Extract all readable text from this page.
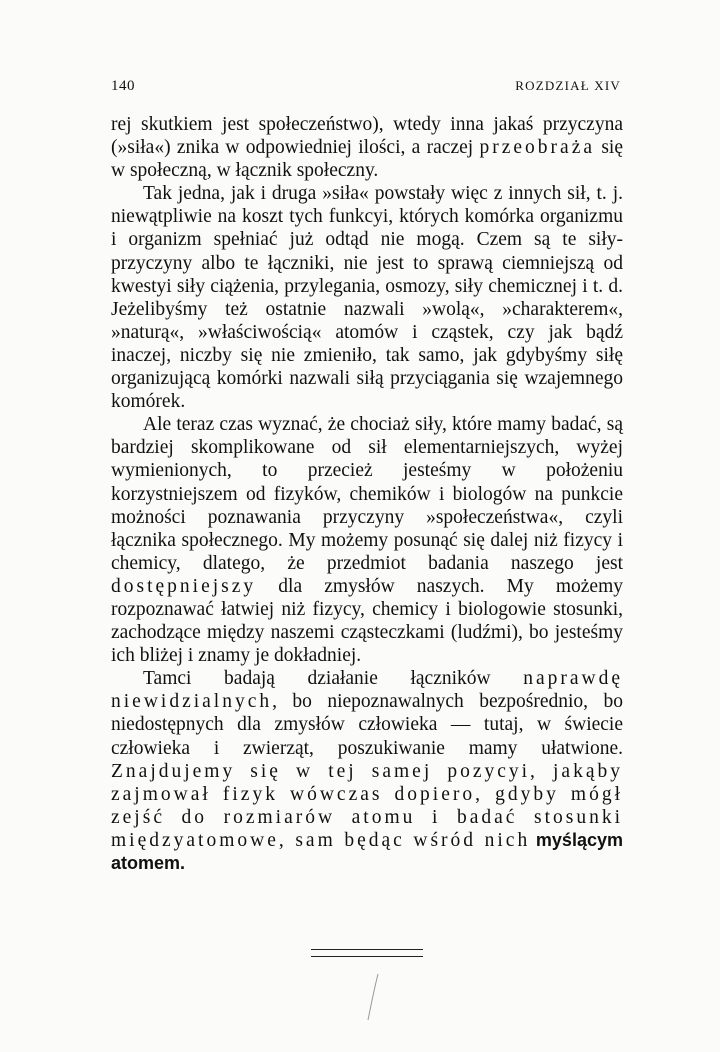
140	ROZDZIAŁ XIV

rej skutkiem jest społeczeństwo), wtedy inna jakaś przyczyna (»siła«) znika w odpowiedniej ilości, a raczej przeobraża się w społeczną, w łącznik społeczny.

Tak jedna, jak i druga »siła« powstały więc z innych sił, t. j. niewątpliwie na koszt tych funkcyi, których komórka organizmu i organizm spełniać już odtąd nie mogą. Czem są te siły-przyczyny albo te łączniki, nie jest to sprawą ciemniejszą od kwestyi siły ciążenia, przylegania, osmozy, siły chemicznej i t. d. Jeżelibyśmy też ostatnie nazwali »wolą«, »charakterem«, »naturą«, »właściwością« atomów i cząstek, czy jak bądź inaczej, niczby się nie zmieniło, tak samo, jak gdybyśmy siłę organizującą komórki nazwali siłą przyciągania się wzajemnego komórek.

Ale teraz czas wyznać, że chociaż siły, które mamy badać, są bardziej skomplikowane od sił elementarniejszych, wyżej wymienionych, to przecież jesteśmy w położeniu korzystniejszem od fizyków, chemików i biologów na punkcie możności poznawania przyczyny »społeczeństwa«, czyli łącznika społecznego. My możemy posunąć się dalej niż fizycy i chemicy, dlatego, że przedmiot badania naszego jest dostępniejszy dla zmysłów naszych. My możemy rozpoznawać łatwiej niż fizycy, chemicy i biologowie stosunki, zachodzące między naszemi cząsteczkami (ludźmi), bo jesteśmy ich bliżej i znamy je dokładniej.

Tamci badają działanie łączników naprawdę niewidzialnych, bo niepoznawalnych bezpośrednio, bo niedostępnych dla zmysłów człowieka — tutaj, w świecie człowieka i zwierząt, poszukiwanie mamy ułatwione. Znajdujemy się w tej samej pozycyi, jakąby zajmował fizyk wówczas dopiero, gdyby mógł zejść do rozmiarów atomu i badać stosunki międzyatomowe, sam będąc wśród nich myślącym atomem.
